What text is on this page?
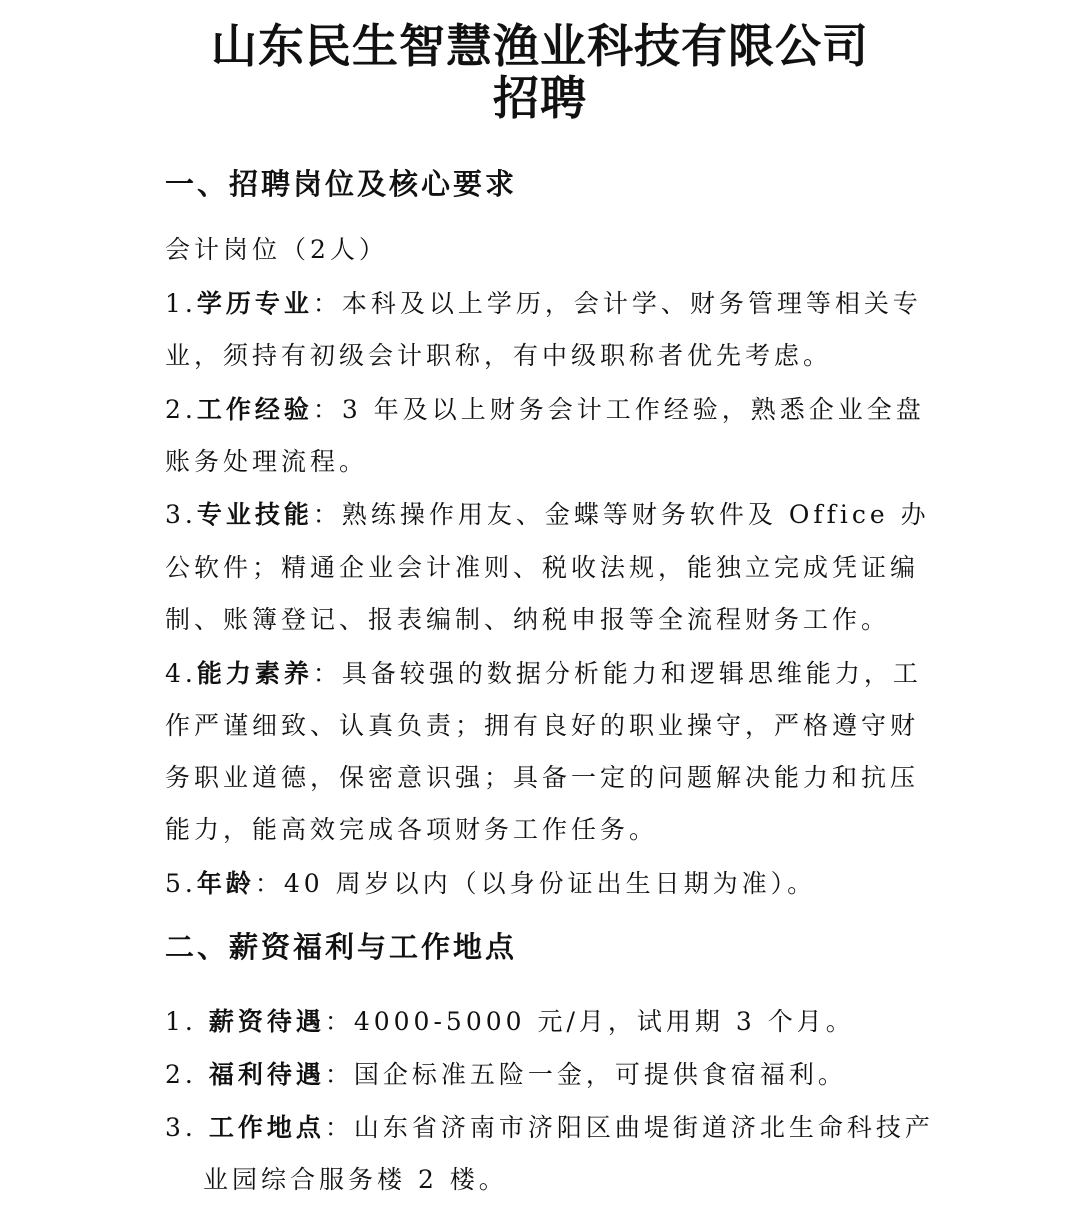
山东民生智慧渔业科技有限公司
招聘
一、招聘岗位及核心要求
会计岗位（2人）
1.学历专业：本科及以上学历，会计学、财务管理等相关专
业，须持有初级会计职称，有中级职称者优先考虑。
2.工作经验：3 年及以上财务会计工作经验，熟悉企业全盘
账务处理流程。
3.专业技能：熟练操作用友、金蝶等财务软件及 Office 办
公软件；精通企业会计准则、税收法规，能独立完成凭证编
制、账簿登记、报表编制、纳税申报等全流程财务工作。
4.能力素养：具备较强的数据分析能力和逻辑思维能力，工
作严谨细致、认真负责；拥有良好的职业操守，严格遵守财
务职业道德，保密意识强；具备一定的问题解决能力和抗压
能力，能高效完成各项财务工作任务。
5.年龄：40 周岁以内（以身份证出生日期为准）。
二、薪资福利与工作地点
1. 薪资待遇：4000-5000 元/月，试用期 3 个月。
2. 福利待遇：国企标准五险一金，可提供食宿福利。
3. 工作地点：山东省济南市济阳区曲堤街道济北生命科技产
业园综合服务楼 2 楼。
